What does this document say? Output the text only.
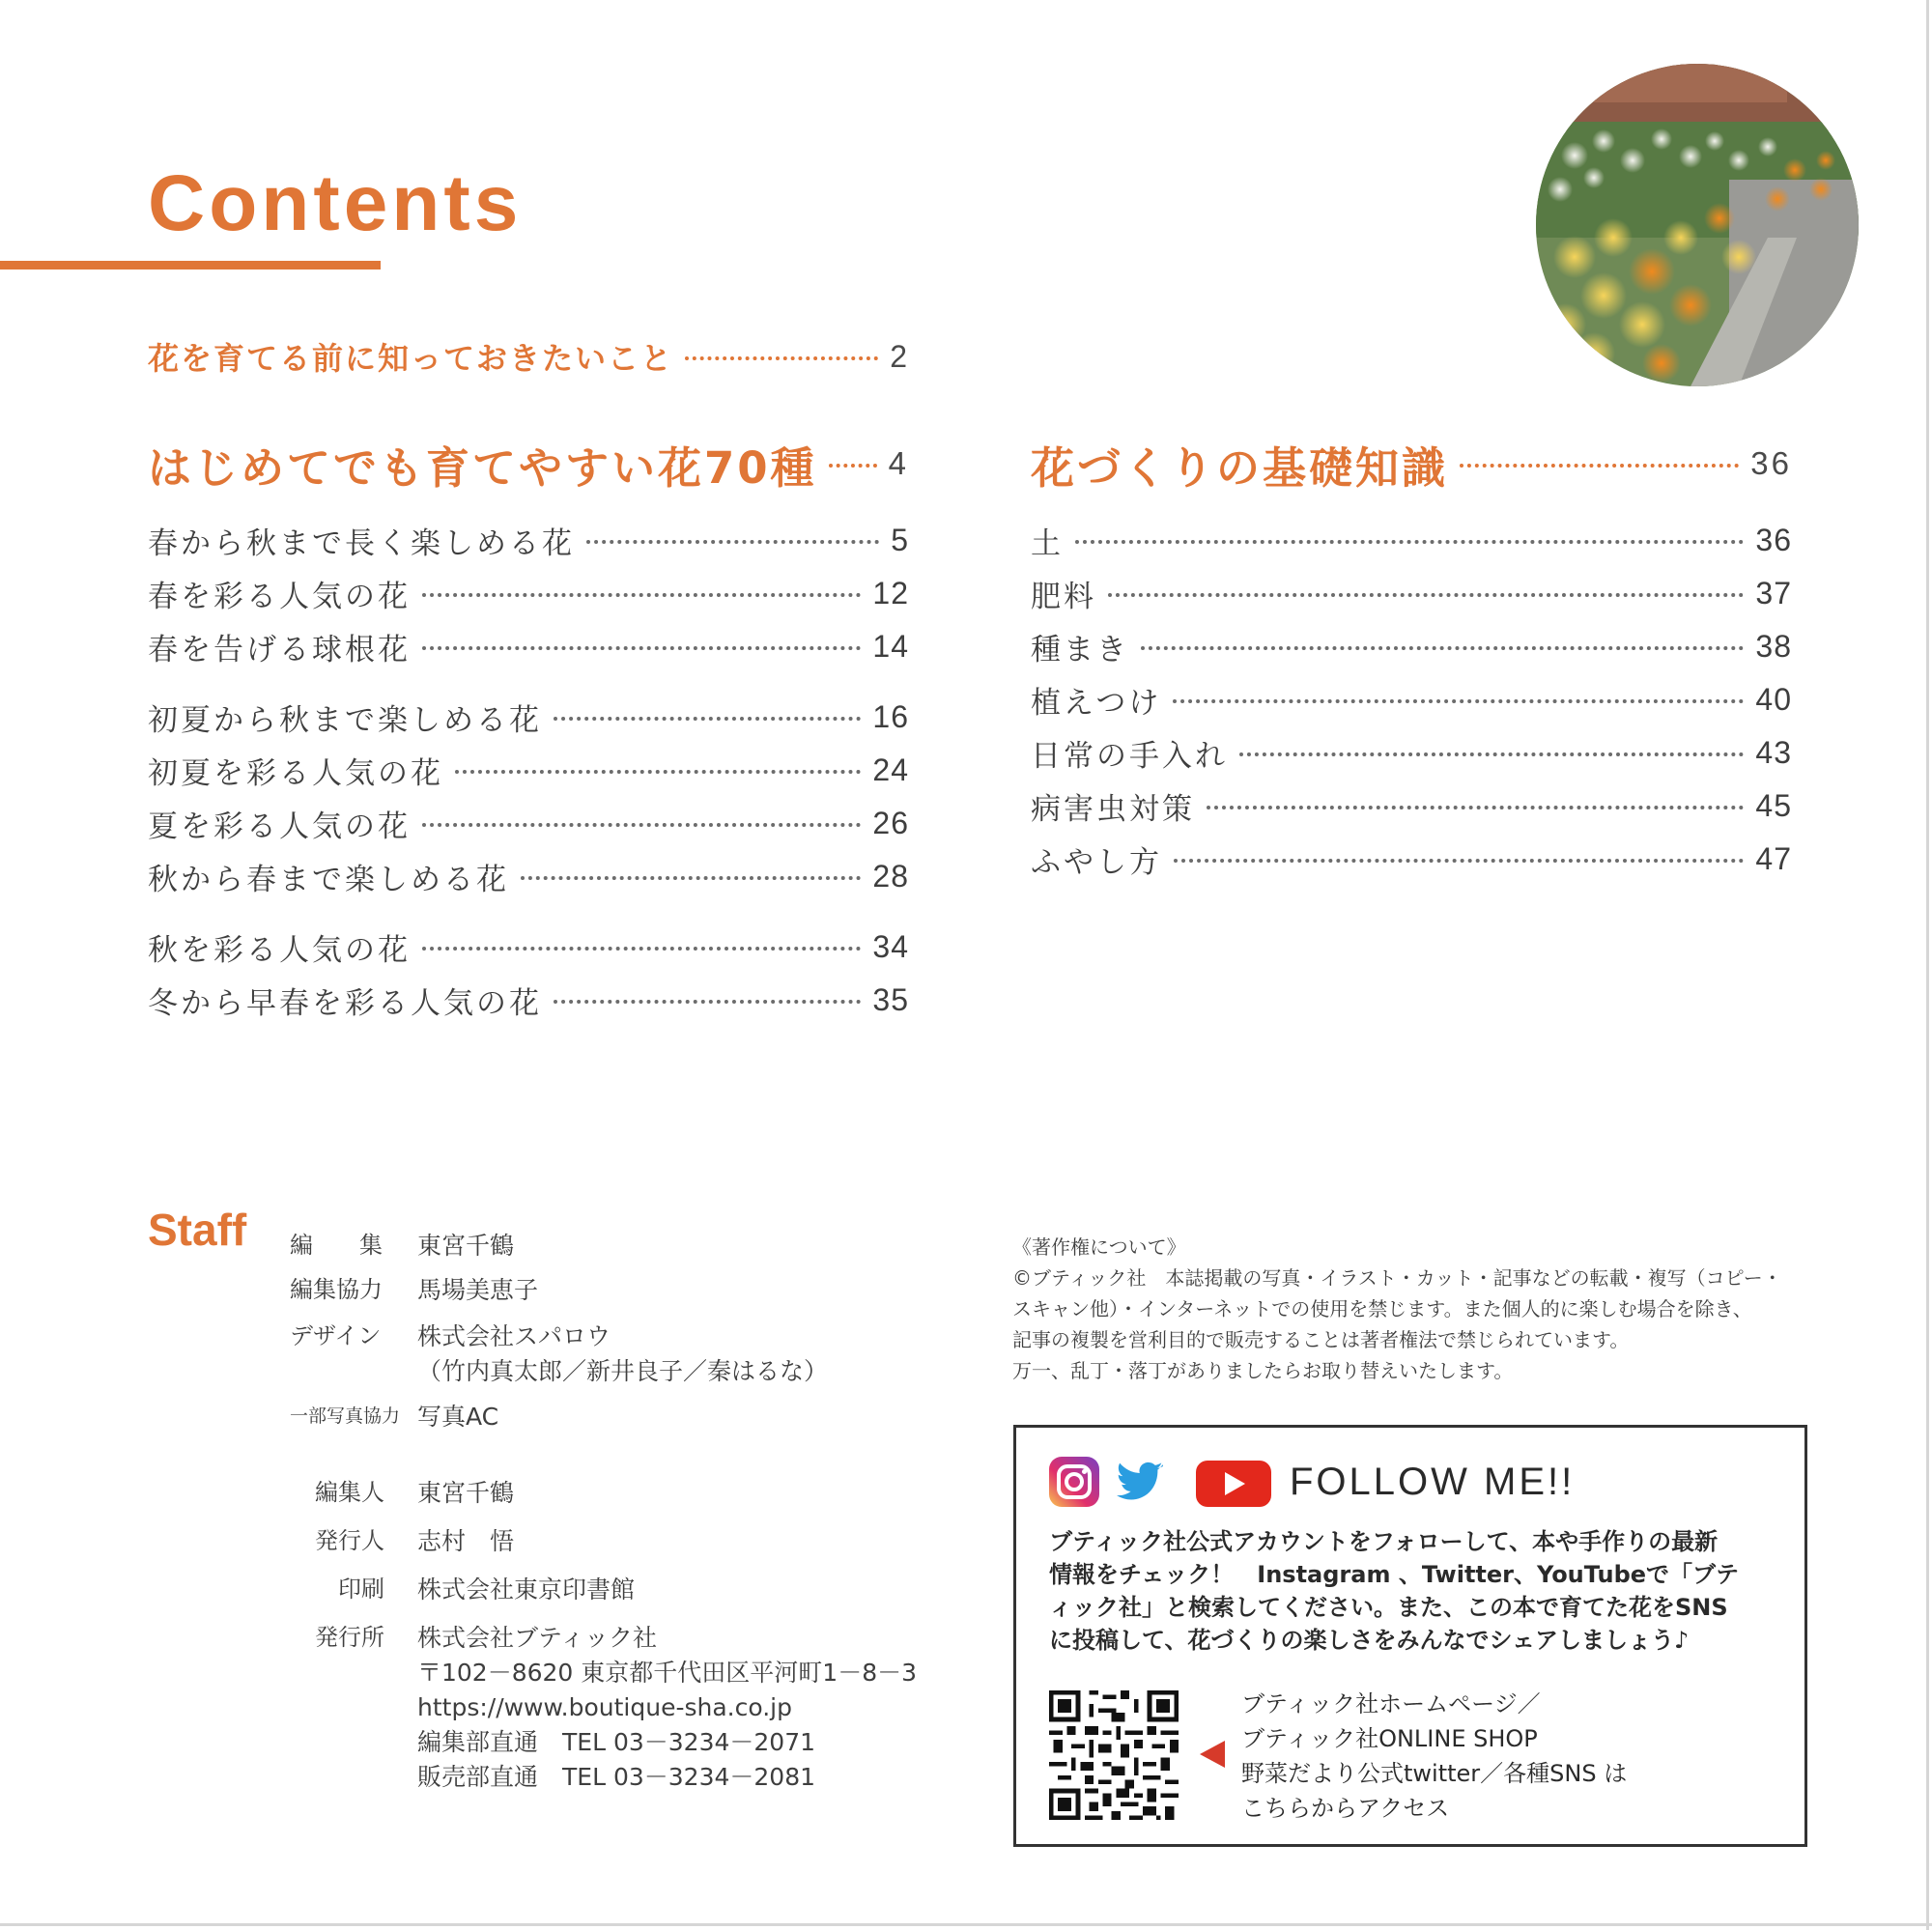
Contents
花を育てる前に知っておきたいこと	2
はじめてでも育てやすい花70種 4
春から秋まで長く楽しめる花	5
春を彩る人気の花	12
春を告げる球根花	14
初夏から秋まで楽しめる花	16
初夏を彩る人気の花	24
夏を彩る人気の花	26
秋から春まで楽しめる花	28
秋を彩る人気の花	34
冬から早春を彩る人気の花	35
花づくりの基礎知識	36
土	36
肥料	37
種まき	38
植えつけ	40
日常の手入れ	43
病害虫対策	45
ふやし方	47
Staff 編　　集 東宮千鶴
編集協力 馬場美恵子
デザイン 株式会社スパロウ
（竹内真太郎／新井良子／秦はるな）
一部写真協力 写真AC
編集人 東宮千鶴
発行人 志村　悟
印刷 株式会社東京印書館
発行所 株式会社ブティック社
〒102－8620 東京都千代田区平河町1－8－3
https://www.boutique-sha.co.jp
編集部直通　TEL 03－3234－2071
販売部直通　TEL 03－3234－2081
《著作権について》
©ブティック社　本誌掲載の写真・イラスト・カット・記事などの転載・複写（コピー・
スキャン他）・インターネットでの使用を禁じます。また個人的に楽しむ場合を除き、
記事の複製を営利目的で販売することは著者権法で禁じられています。
万一、乱丁・落丁がありましたらお取り替えいたします。
FOLLOW ME!!
ブティック社公式アカウントをフォローして、本や手作りの最新
情報をチェック！　Instagram 、Twitter、YouTubeで「ブテ
ィック社」と検索してください。また、この本で育てた花をSNS
に投稿して、花づくりの楽しさをみんなでシェアしましょう♪
ブティック社ホームページ／
ブティック社ONLINE SHOP
野菜だより公式twitter／各種SNS は
こちらからアクセス
